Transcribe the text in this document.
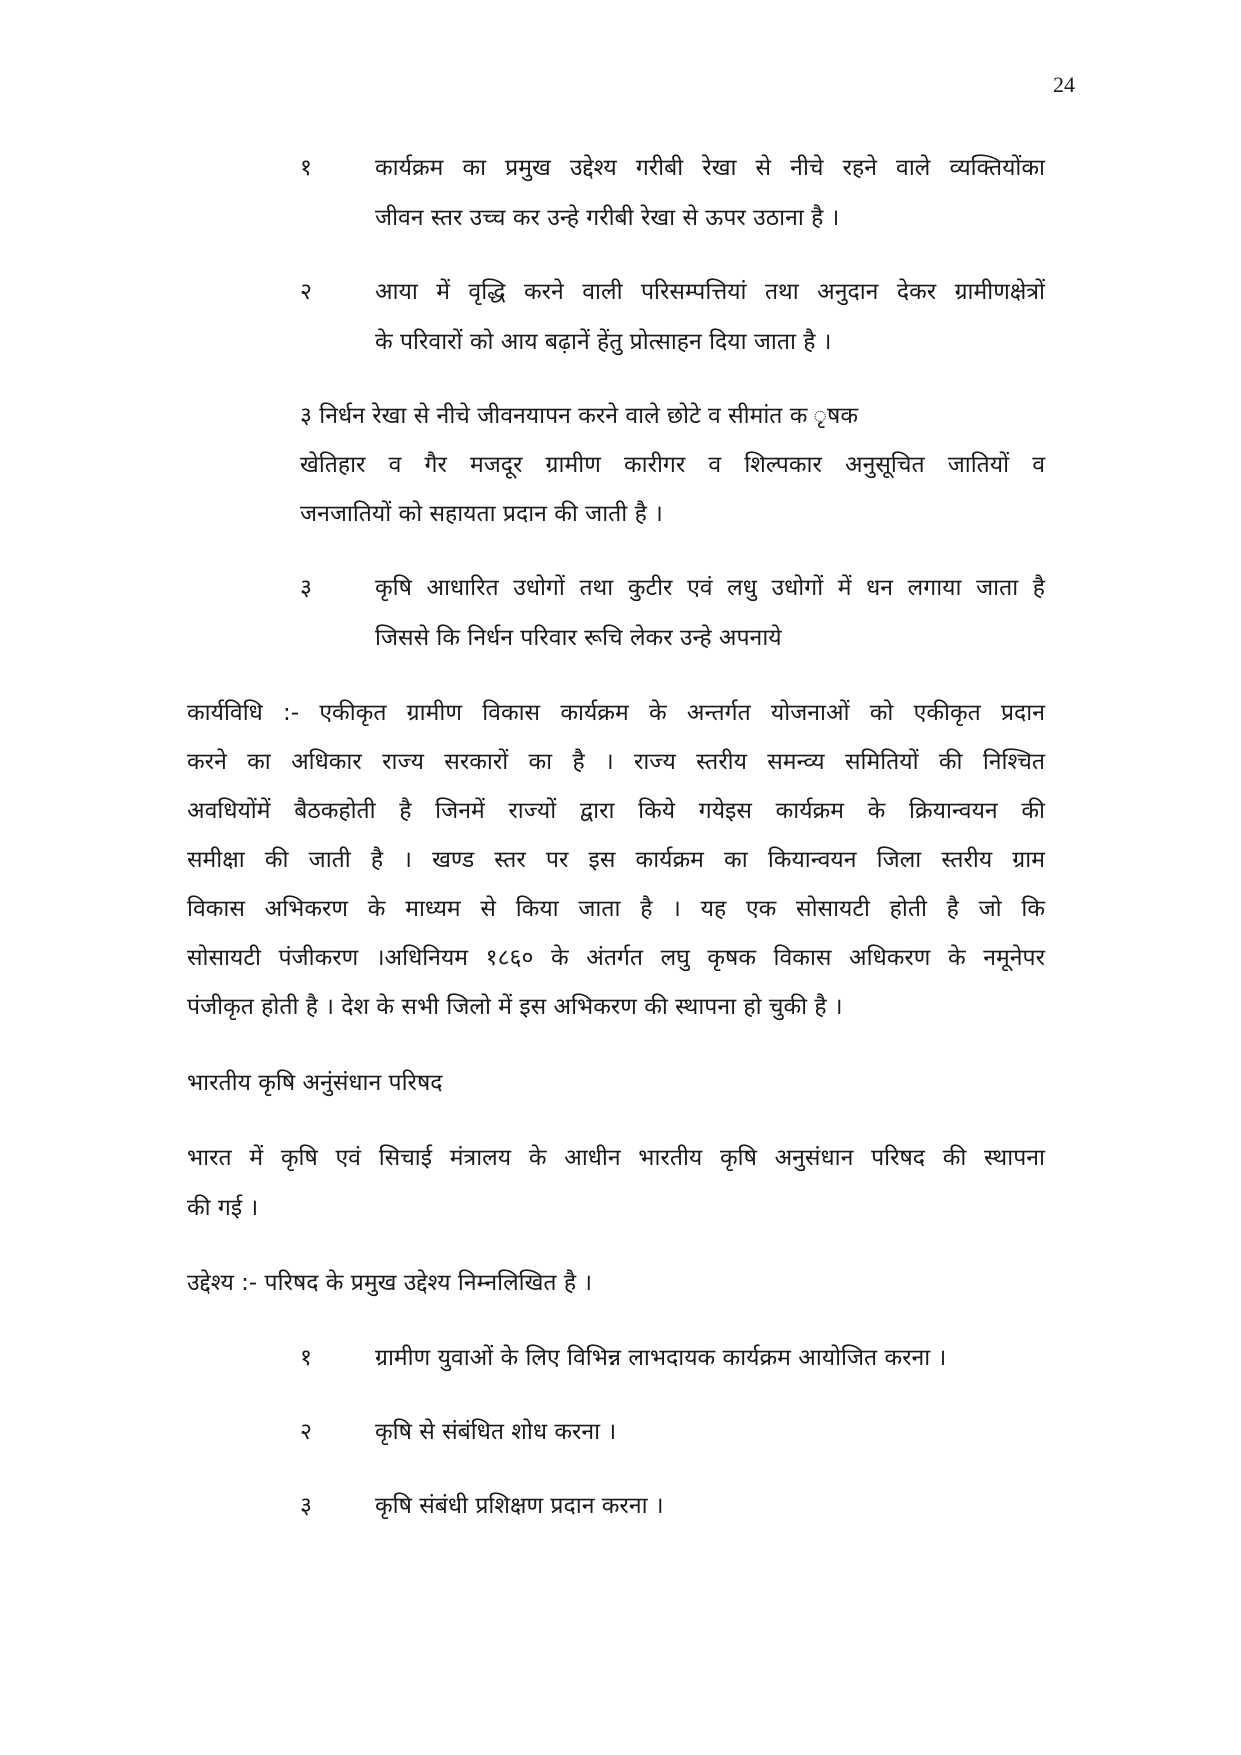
24
१	कार्यक्रम का प्रमुख उद्देश्य गरीबी रेखा से नीचे रहने वाले व्यक्तियोंका
जीवन स्तर उच्च कर उन्हे गरीबी रेखा से ऊपर उठाना है ।
२	आया में वृद्धि करने वाली परिसम्पत्तियां तथा अनुदान देकर ग्रामीणक्षेत्रों
के परिवारों को आय बढ़ानें हेंतु प्रोत्साहन दिया जाता है ।
३ निर्धन रेखा से नीचे जीवनयापन करने वाले छोटे व सीमांत क ृषक
खेतिहार व गैर मजदूर ग्रामीण कारीगर व शिल्पकार अनुसूचित जातियों व
जनजातियों को सहायता प्रदान की जाती है ।
३	कृषि आधारित उधोगों तथा कुटीर एवं लधु उधोगों में धन लगाया जाता है
जिससे कि निर्धन परिवार रूचि लेकर उन्हे अपनाये
कार्यविधि :- एकीकृत ग्रामीण विकास कार्यक्रम के अन्तर्गत योजनाओं को एकीकृत प्रदान
करने का अधिकार राज्य सरकारों का है । राज्य स्तरीय समन्व्य समितियों की निश्चित
अवधियोंमें बैठकहोती है जिनमें राज्यों द्वारा किये गयेइस कार्यक्रम के क्रियान्वयन की
समीक्षा की जाती है । खण्ड स्तर पर इस कार्यक्रम का कियान्वयन जिला स्तरीय ग्राम
विकास अभिकरण के माध्यम से किया जाता है । यह एक सोसायटी होती है जो कि
सोसायटी पंजीकरण ।अधिनियम १८६० के अंतर्गत लघु कृषक विकास अधिकरण के नमूनेपर
पंजीकृत होती है । देश के सभी जिलो में इस अभिकरण की स्थापना हो चुकी है ।
भारतीय कृषि अनुंसंधान परिषद
भारत में कृषि एवं सिचाई मंत्रालय के आधीन भारतीय कृषि अनुसंधान परिषद की स्थापना
की गई ।
उद्देश्य :- परिषद के प्रमुख उद्देश्य निम्नलिखित है ।
१	ग्रामीण युवाओं के लिए विभिन्न लाभदायक कार्यक्रम आयोजित करना ।
२	कृषि से संबंधित शोध करना ।
३	कृषि संबंधी प्रशिक्षण प्रदान करना ।
